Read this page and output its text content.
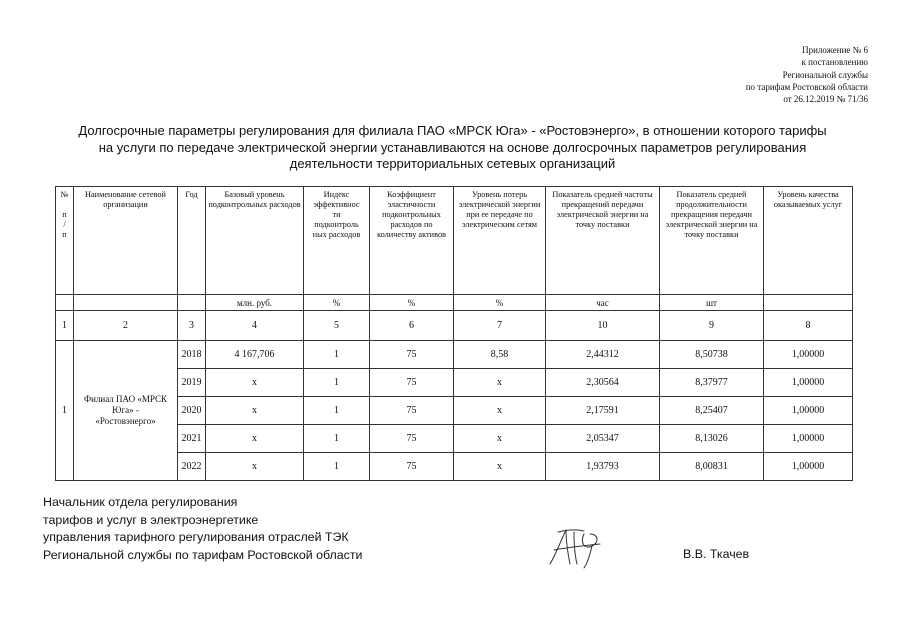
Приложение № 6
к постановлению
Региональной службы
по тарифам Ростовской области
от 26.12.2019 № 71/36
Долгосрочные параметры регулирования для филиала ПАО «МРСК Юга» - «Ростовэнерго», в отношении которого тарифы
на услуги по передаче электрической энергии устанавливаются на основе долгосрочных параметров регулирования
деятельности территориальных сетевых организаций
№

п
/
п	Наименование сетевой организации	Год	Базовый уровень подконтрольных расходов	Индекс
эффективнос
ти
подконтроль
ных расходов	Коэффициент эластичности подконтрольных расходов по количеству активов	Уровень потерь электрической энергии при ее передаче по электрическим сетям	Показатель средней частоты прекращений передачи электрической энергии на точку поставки	Показатель средней продолжительности прекращения передачи электрической энергии на точку поставки	Уровень качества оказываемых услуг
			млн. руб.	%	%	%	час	шт	
1	2	3	4	5	6	7	10	9	8
1	Филиал ПАО «МРСК Юга» - «Ростовэнерго»	2018	4 167,706	1	75	8,58	2,44312	8,50738	1,00000
		2019	x	1	75	x	2,30564	8,37977	1,00000
		2020	x	1	75	x	2,17591	8,25407	1,00000
		2021	x	1	75	x	2,05347	8,13026	1,00000
		2022	x	1	75	x	1,93793	8,00831	1,00000
Начальник отдела регулирования
тарифов и услуг в электроэнергетике
управления тарифного регулирования отраслей ТЭК
Региональной службы по тарифам Ростовской области	В.В. Ткачев
